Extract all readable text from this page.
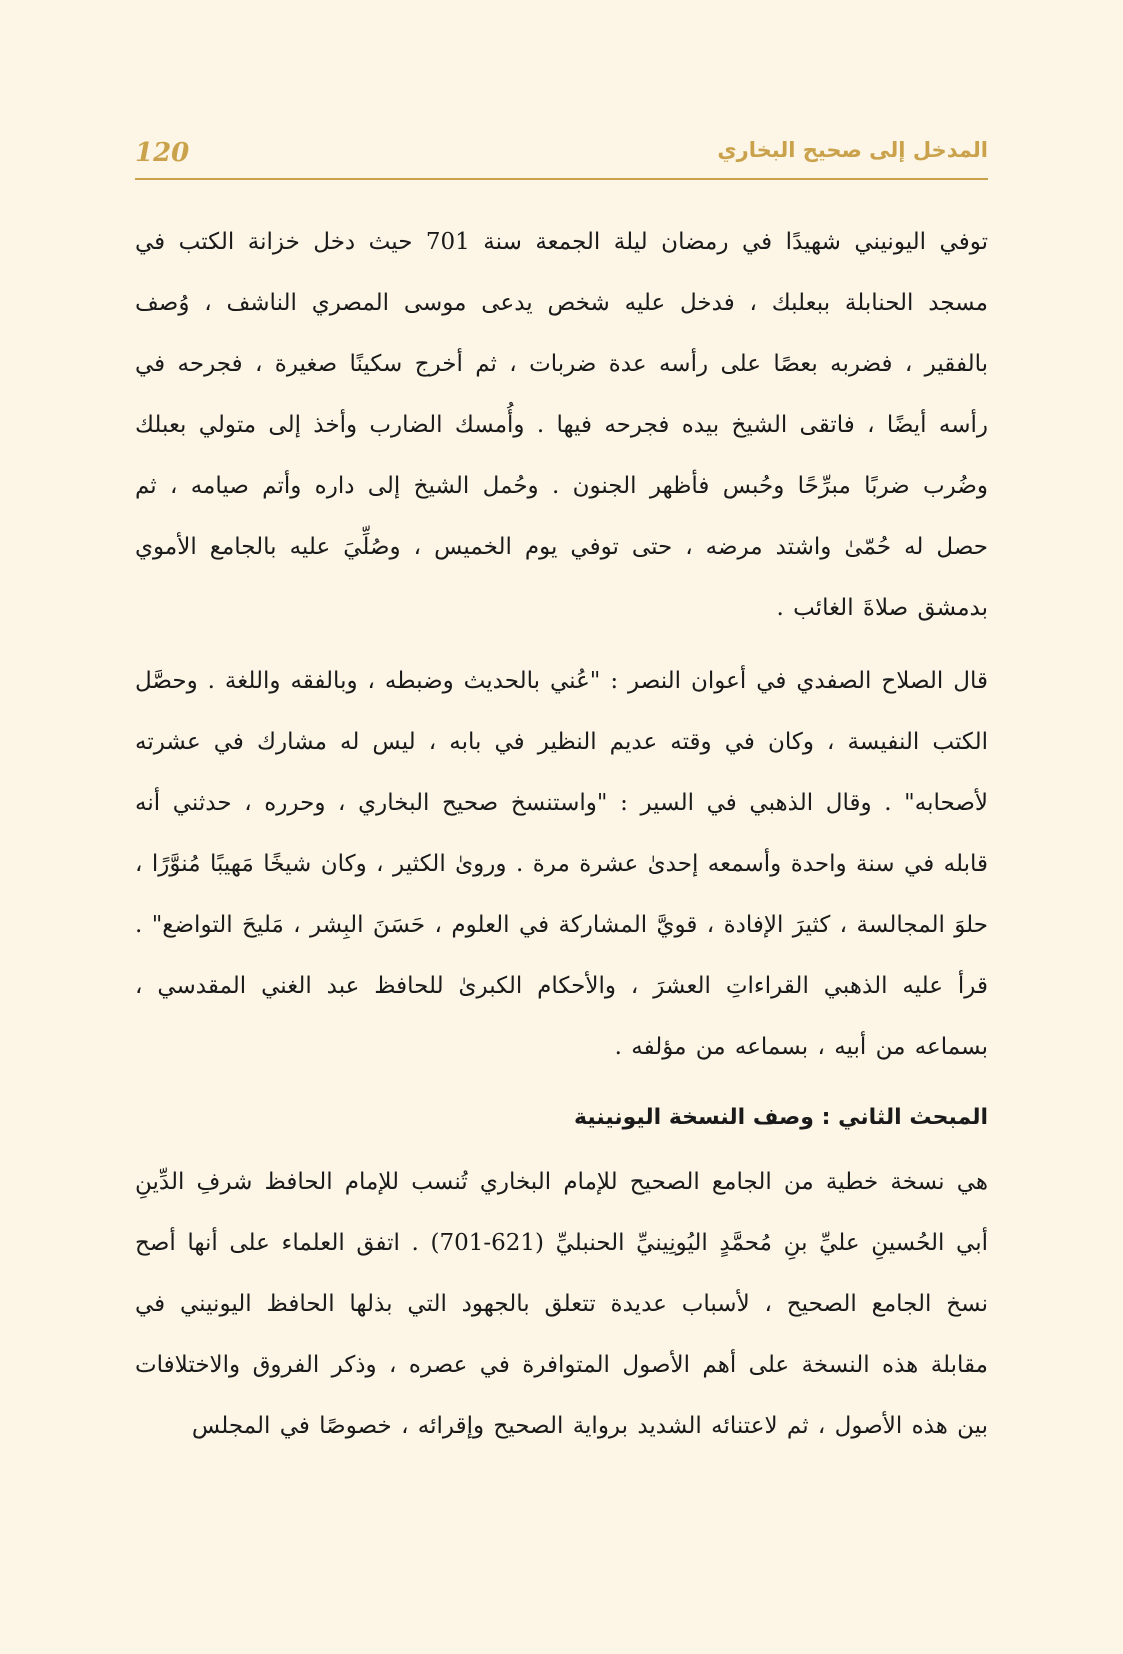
120	المدخل إلى صحيح البخاري

توفي اليونيني شهيدًا في رمضان ليلة الجمعة سنة 701 حيث دخل خزانة الكتب في مسجد الحنابلة ببعلبك ، فدخل عليه شخص يدعى موسى المصري الناشف ، وُصف بالفقير ، فضربه بعصًا على رأسه عدة ضربات ، ثم أخرج سكينًا صغيرة ، فجرحه في رأسه أيضًا ، فاتقى الشيخ بيده فجرحه فيها . وأُمسك الضارب وأخذ إلى متولي بعبلك وضُرب ضربًا مبرِّحًا وحُبس فأظهر الجنون . وحُمل الشيخ إلى داره وأتم صيامه ، ثم حصل له حُمّىٰ واشتد مرضه ، حتى توفي يوم الخميس ، وصُلِّيَ عليه بالجامع الأموي بدمشق صلاةَ الغائب .

قال الصلاح الصفدي في أعوان النصر : "عُني بالحديث وضبطه ، وبالفقه واللغة . وحصَّل الكتب النفيسة ، وكان في وقته عديم النظير في بابه ، ليس له مشارك في عشرته لأصحابه" . وقال الذهبي في السير : "واستنسخ صحيح البخاري ، وحرره ، حدثني أنه قابله في سنة واحدة وأسمعه إحدىٰ عشرة مرة . وروىٰ الكثير ، وكان شيخًا مَهيبًا مُنوَّرًا ، حلوَ المجالسة ، كثيرَ الإفادة ، قويَّ المشاركة في العلوم ، حَسَنَ البِشر ، مَليحَ التواضع" . قرأ عليه الذهبي القراءاتِ العشرَ ، والأحكام الكبرىٰ للحافظ عبد الغني المقدسي ، بسماعه من أبيه ، بسماعه من مؤلفه .

المبحث الثاني : وصف النسخة اليونينية

هي نسخة خطية من الجامع الصحيح للإمام البخاري تُنسب للإمام الحافظ شرفِ الدِّينِ أبي الحُسينِ عليِّ بنِ مُحمَّدٍ اليُونِينيِّ الحنبليِّ (621-701) . اتفق العلماء على أنها أصح نسخ الجامع الصحيح ، لأسباب عديدة تتعلق بالجهود التي بذلها الحافظ اليونيني في مقابلة هذه النسخة على أهم الأصول المتوافرة في عصره ، وذكر الفروق والاختلافات بين هذه الأصول ، ثم لاعتنائه الشديد برواية الصحيح وإقرائه ، خصوصًا في المجلس
